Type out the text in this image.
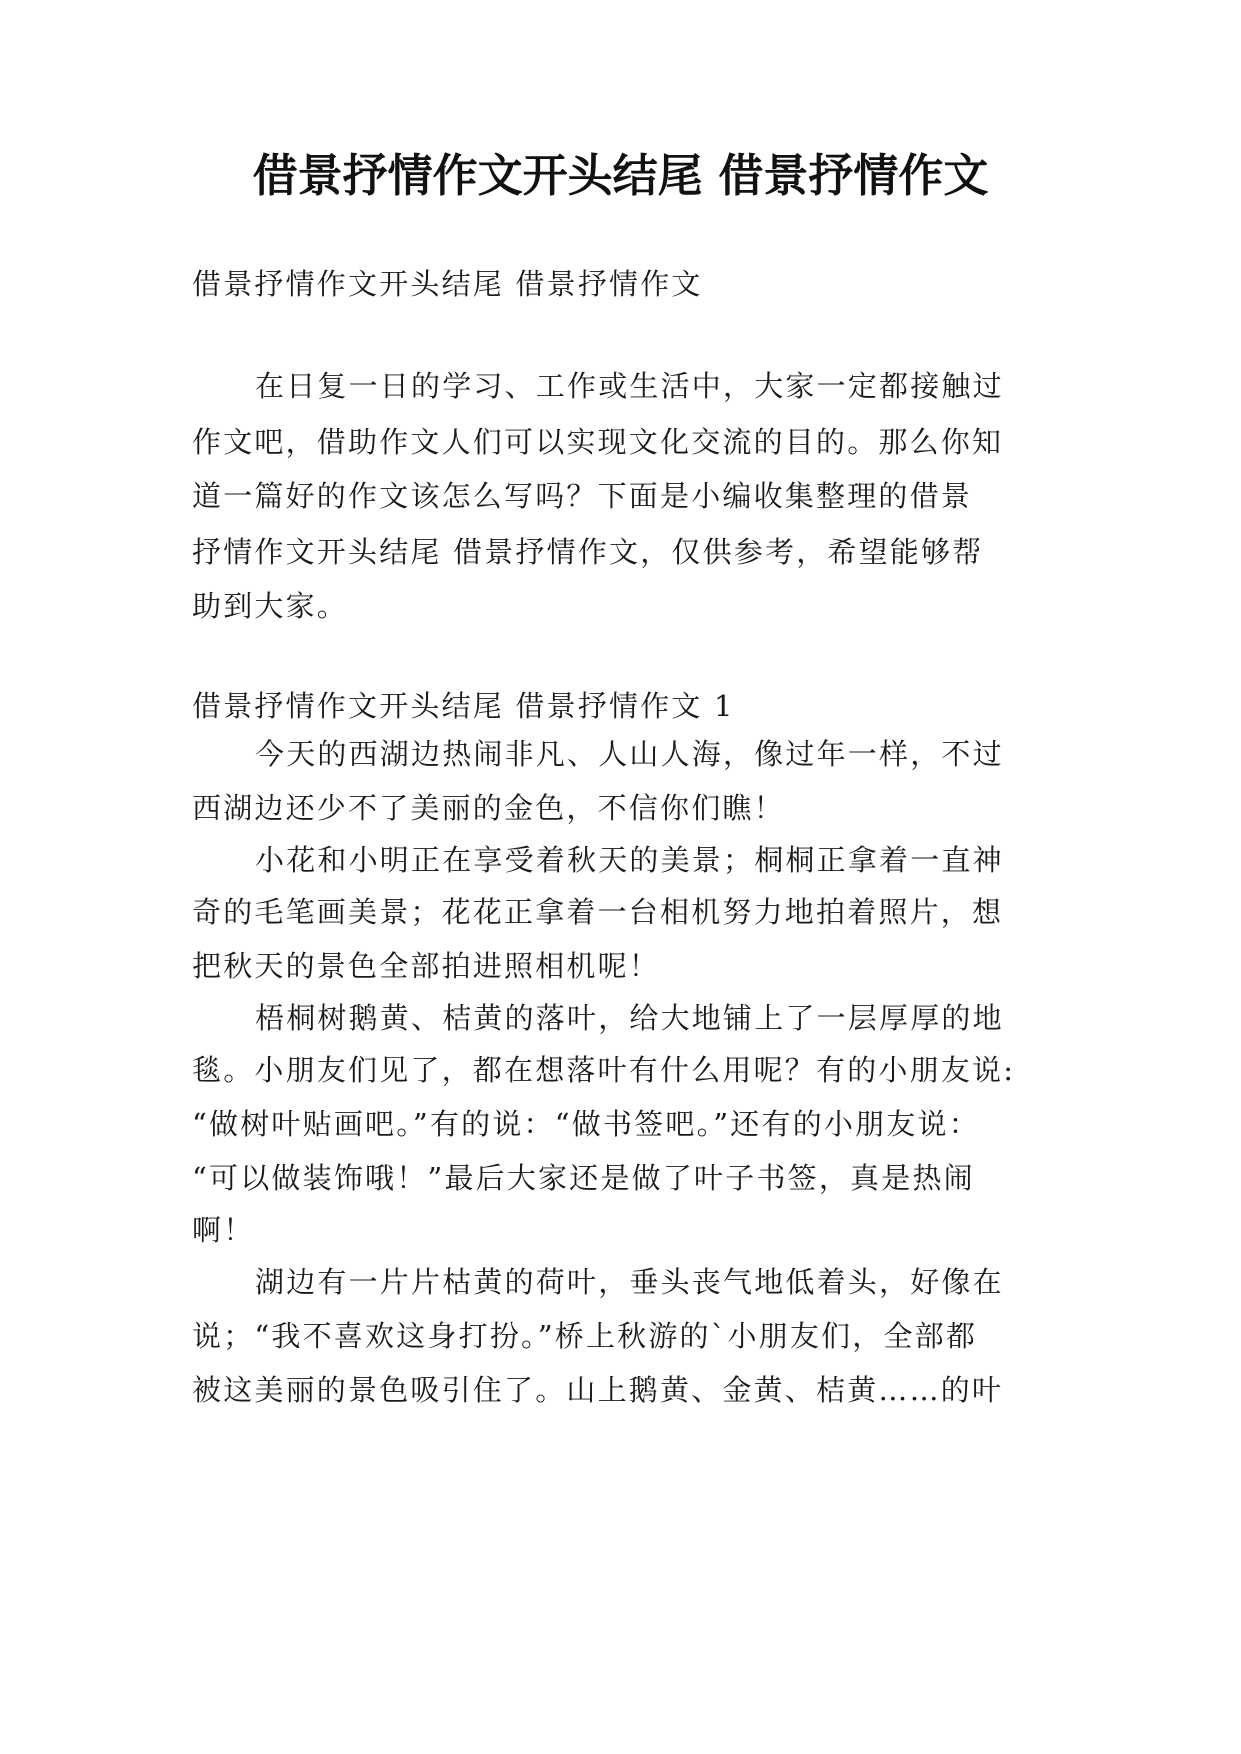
借景抒情作文开头结尾 借景抒情作文

借景抒情作文开头结尾 借景抒情作文

在日复一日的学习、工作或生活中，大家一定都接触过

作文吧，借助作文人们可以实现文化交流的目的。那么你知

道一篇好的作文该怎么写吗？下面是小编收集整理的借景

抒情作文开头结尾 借景抒情作文，仅供参考，希望能够帮

助到大家。

借景抒情作文开头结尾 借景抒情作文 1

今天的西湖边热闹非凡、人山人海，像过年一样，不过

西湖边还少不了美丽的金色，不信你们瞧！

小花和小明正在享受着秋天的美景；桐桐正拿着一直神

奇的毛笔画美景；花花正拿着一台相机努力地拍着照片，想

把秋天的景色全部拍进照相机呢！

梧桐树鹅黄、桔黄的落叶，给大地铺上了一层厚厚的地

毯。小朋友们见了，都在想落叶有什么用呢？有的小朋友说:

“做树叶贴画吧。”有的说：“做书签吧。”还有的小朋友说：

“可以做装饰哦！”最后大家还是做了叶子书签，真是热闹

啊！

湖边有一片片枯黄的荷叶，垂头丧气地低着头，好像在

说；“我不喜欢这身打扮。”桥上秋游的`小朋友们，全部都

被这美丽的景色吸引住了。山上鹅黄、金黄、桔黄……的叶
